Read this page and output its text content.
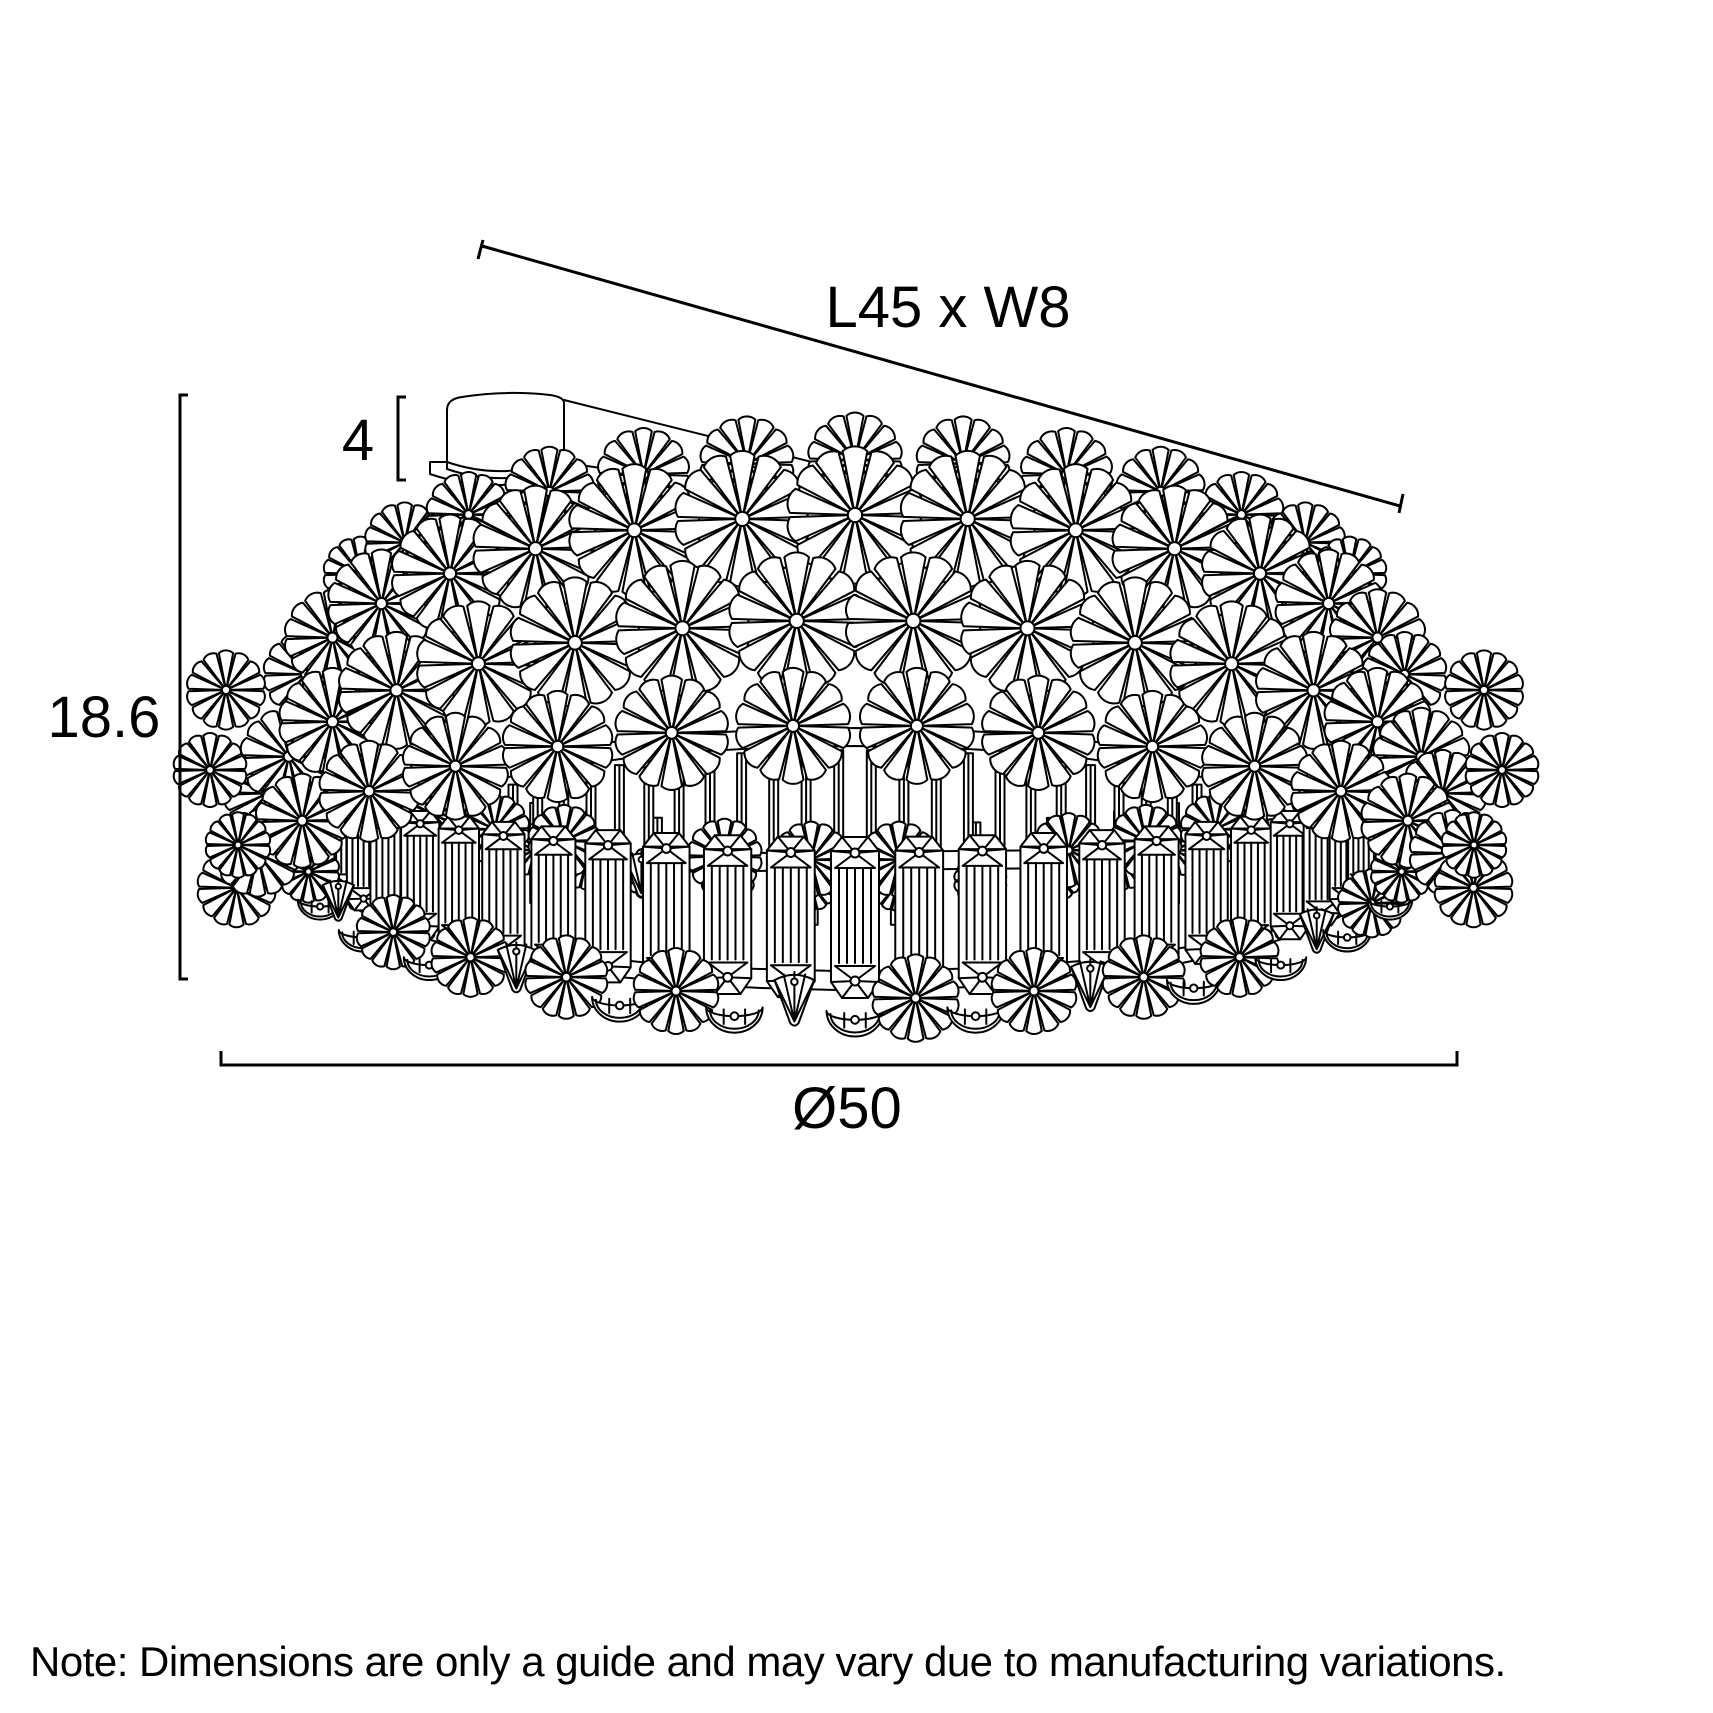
L45 x W8
4
18.6
Ø50
Note: Dimensions are only a guide and may vary due to manufacturing variations.
